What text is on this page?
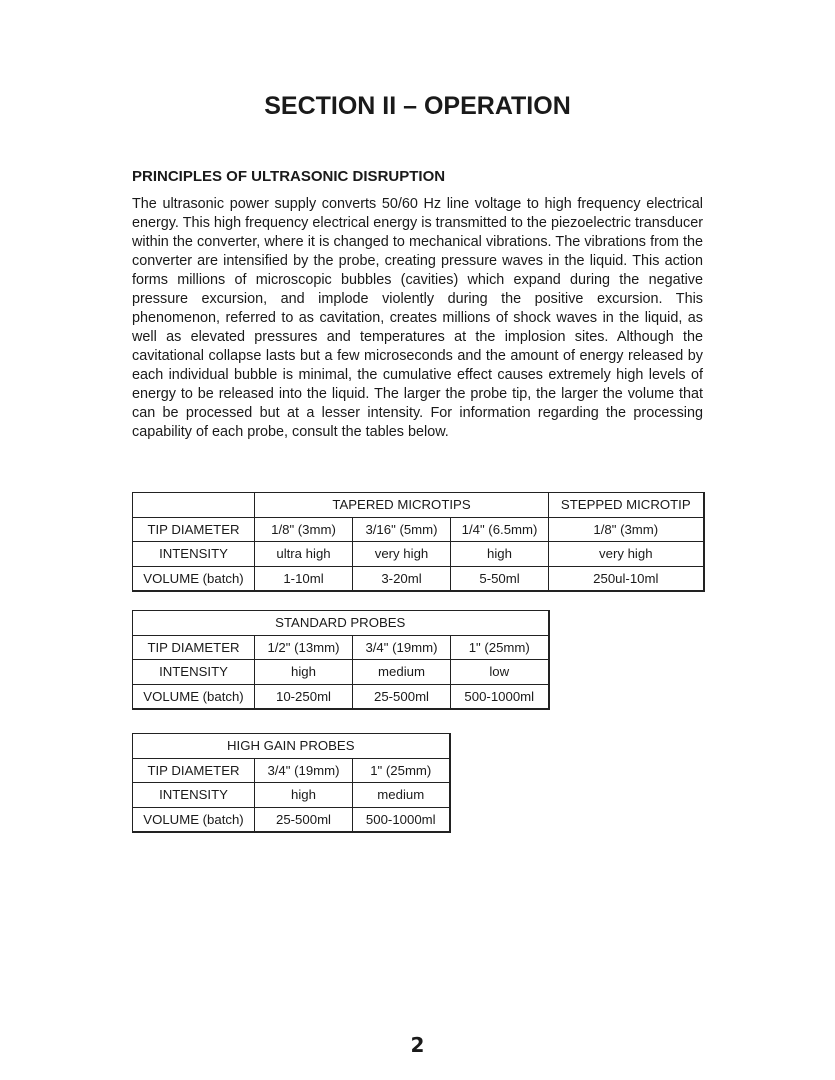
SECTION II – OPERATION
PRINCIPLES OF ULTRASONIC DISRUPTION

The ultrasonic power supply converts 50/60 Hz line voltage to high frequency electrical energy. This high frequency electrical energy is transmitted to the piezoelectric transducer within the converter, where it is changed to mechanical vibrations. The vibrations from the converter are intensified by the probe, creating pressure waves in the liquid. This action forms millions of microscopic bubbles (cavities) which expand during the negative pressure excursion, and implode violently during the positive excursion. This phenomenon, referred to as cavitation, creates millions of shock waves in the liquid, as well as elevated pressures and temperatures at the implosion sites. Although the cavitational collapse lasts but a few microseconds and the amount of energy released by each individual bubble is minimal, the cumulative effect causes extremely high levels of energy to be released into the liquid. The larger the probe tip, the larger the volume that can be processed but at a lesser intensity. For information regarding the processing capability of each probe, consult the tables below.

	TAPERED MICROTIPS			STEPPED MICROTIP
TIP DIAMETER	1/8" (3mm)	3/16" (5mm)	1/4" (6.5mm)	1/8" (3mm)
INTENSITY	ultra high	very high	high	very high
VOLUME (batch)	1-10ml	3-20ml	5-50ml	250ul-10ml
STANDARD PROBES			
TIP DIAMETER	1/2" (13mm)	3/4" (19mm)	1" (25mm)
INTENSITY	high	medium	low
VOLUME (batch)	10-250ml	25-500ml	500-1000ml
HIGH GAIN PROBES		
TIP DIAMETER	3/4" (19mm)	1" (25mm)
INTENSITY	high	medium
VOLUME (batch)	25-500ml	500-1000ml
2
